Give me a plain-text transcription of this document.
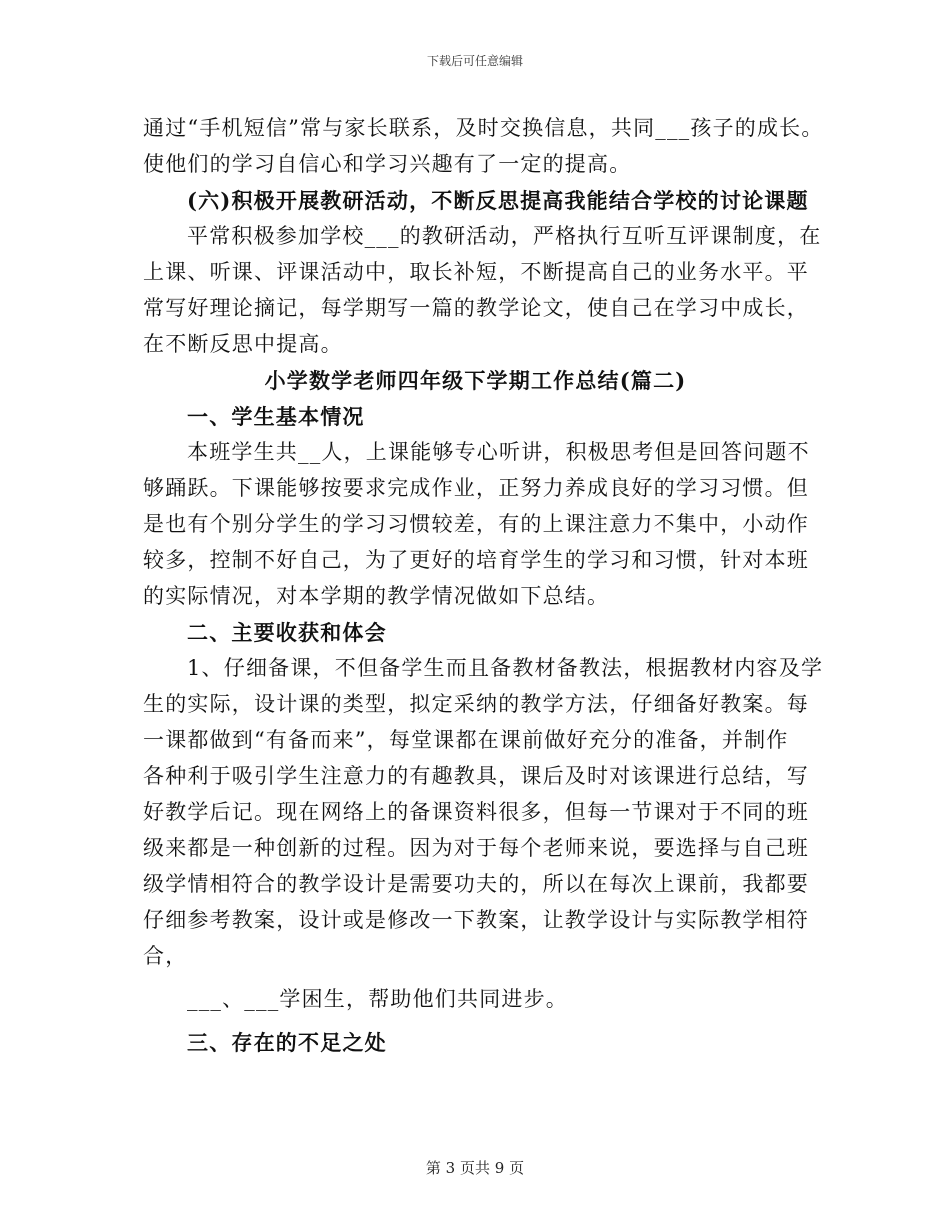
下载后可任意编辑
通过“手机短信”常与家长联系，及时交换信息，共同___孩子的成长。
使他们的学习自信心和学习兴趣有了一定的提高。
(六)积极开展教研活动，不断反思提高我能结合学校的讨论课题
平常积极参加学校___的教研活动，严格执行互听互评课制度，在
上课、听课、评课活动中，取长补短，不断提高自己的业务水平。平
常写好理论摘记，每学期写一篇的教学论文，使自己在学习中成长，
在不断反思中提高。
小学数学老师四年级下学期工作总结(篇二)
一、学生基本情况
本班学生共__人，上课能够专心听讲，积极思考但是回答问题不
够踊跃。下课能够按要求完成作业，正努力养成良好的学习习惯。但
是也有个别分学生的学习习惯较差，有的上课注意力不集中，小动作
较多，控制不好自己，为了更好的培育学生的学习和习惯，针对本班
的实际情况，对本学期的教学情况做如下总结。
二、主要收获和体会
1、仔细备课，不但备学生而且备教材备教法，根据教材内容及学
生的实际，设计课的类型，拟定采纳的教学方法，仔细备好教案。每
一课都做到“有备而来”，每堂课都在课前做好充分的准备，并制作
各种利于吸引学生注意力的有趣教具，课后及时对该课进行总结，写
好教学后记。现在网络上的备课资料很多，但每一节课对于不同的班
级来都是一种创新的过程。因为对于每个老师来说，要选择与自己班
级学情相符合的教学设计是需要功夫的，所以在每次上课前，我都要
仔细参考教案，设计或是修改一下教案，让教学设计与实际教学相符
合，
___、___学困生，帮助他们共同进步。
三、存在的不足之处
第 3 页共 9 页
